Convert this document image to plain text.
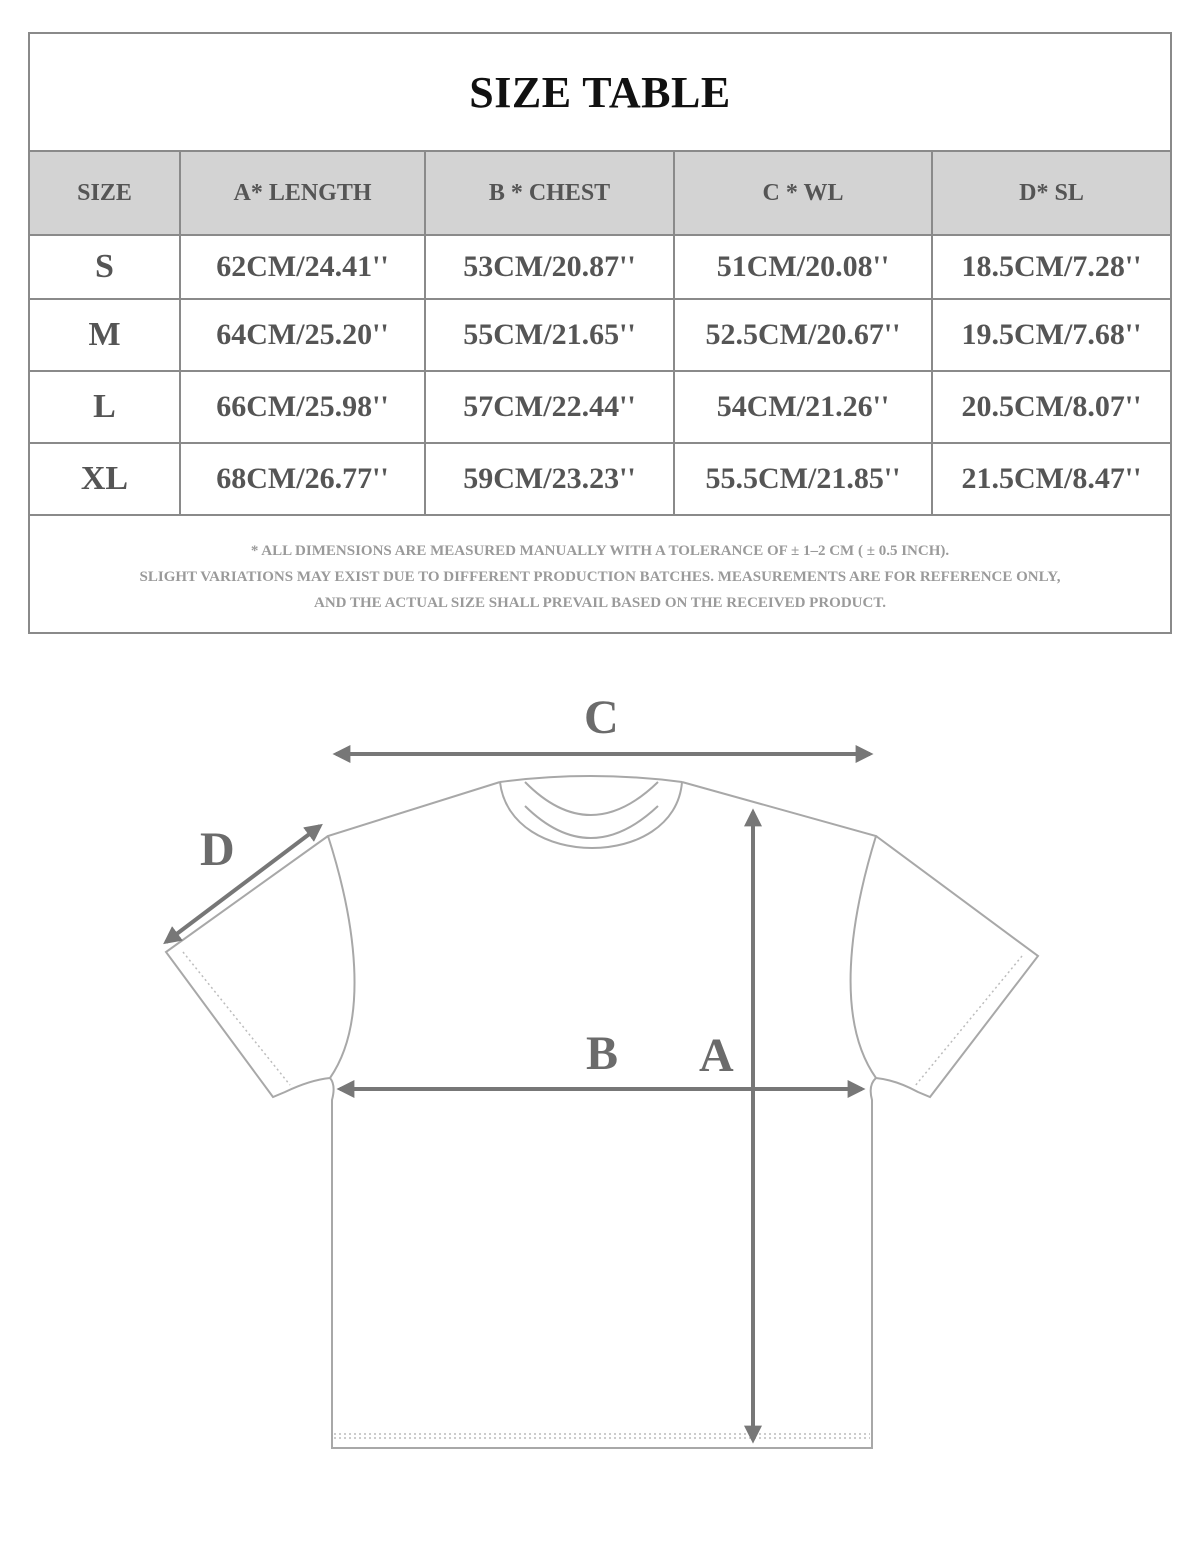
SIZE TABLE
SIZE	A* LENGTH	B * CHEST	C * WL	D* SL
S	62CM/24.41''	53CM/20.87''	51CM/20.08''	18.5CM/7.28''
M	64CM/25.20''	55CM/21.65''	52.5CM/20.67''	19.5CM/7.68''
L	66CM/25.98''	57CM/22.44''	54CM/21.26''	20.5CM/8.07''
XL	68CM/26.77''	59CM/23.23''	55.5CM/21.85''	21.5CM/8.47''
* ALL DIMENSIONS ARE MEASURED MANUALLY WITH A TOLERANCE OF ± 1–2 CM ( ± 0.5 INCH).
SLIGHT VARIATIONS MAY EXIST DUE TO DIFFERENT PRODUCTION BATCHES. MEASUREMENTS ARE FOR REFERENCE ONLY,
AND THE ACTUAL SIZE SHALL PREVAIL BASED ON THE RECEIVED PRODUCT.
C
D
B A
